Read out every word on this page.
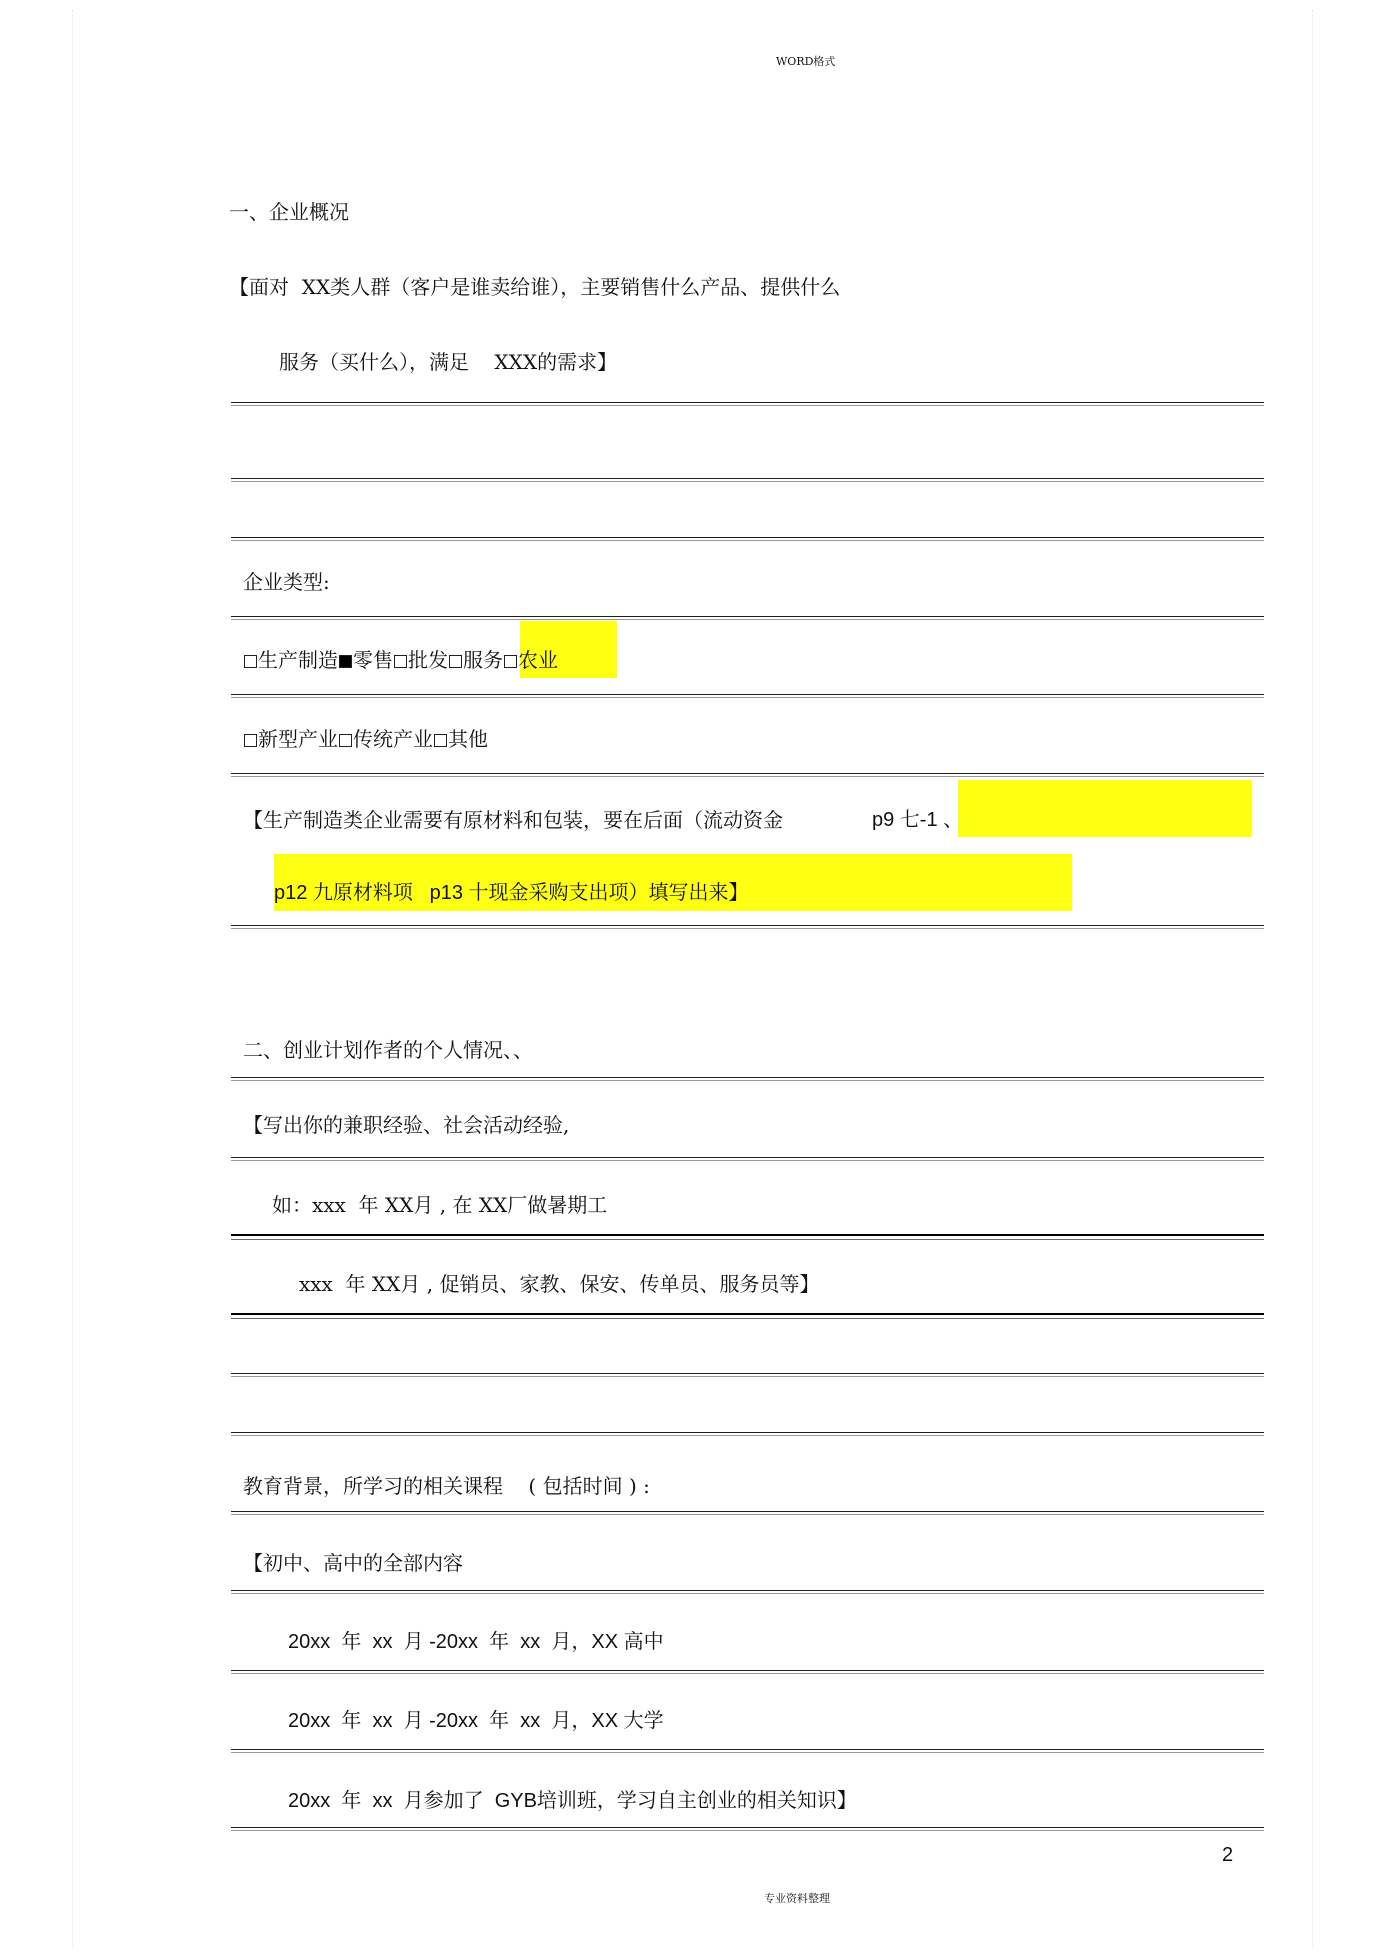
WORD格式
一、企业概况
【面对  XX类人群（客户是谁卖给谁），主要销售什么产品、提供什么
服务（买什么），满足    XXX的需求】
企业类型:
生产制造 零售 批发 服务 农业
新型产业 传统产业 其他
【生产制造类企业需要有原材料和包装，要在后面（流动资金	p9 七-1 、
p12 九原材料项   p13 十现金采购支出项）填写出来】
二、创业计划作者的个人情况、、
【写出你的兼职经验、社会活动经验,
如：xxx  年 XX月 , 在 XX厂做暑期工
xxx  年 XX月 , 促销员、家教、保安、传单员、服务员等】
教育背景，所学习的相关课程    ( 包括时间 ) :
【初中、高中的全部内容
20xx  年  xx  月 -20xx  年  xx  月，XX 高中
20xx  年  xx  月 -20xx  年  xx  月，XX 大学
20xx  年  xx  月参加了  GYB培训班，学习自主创业的相关知识】
2
专业资料整理
